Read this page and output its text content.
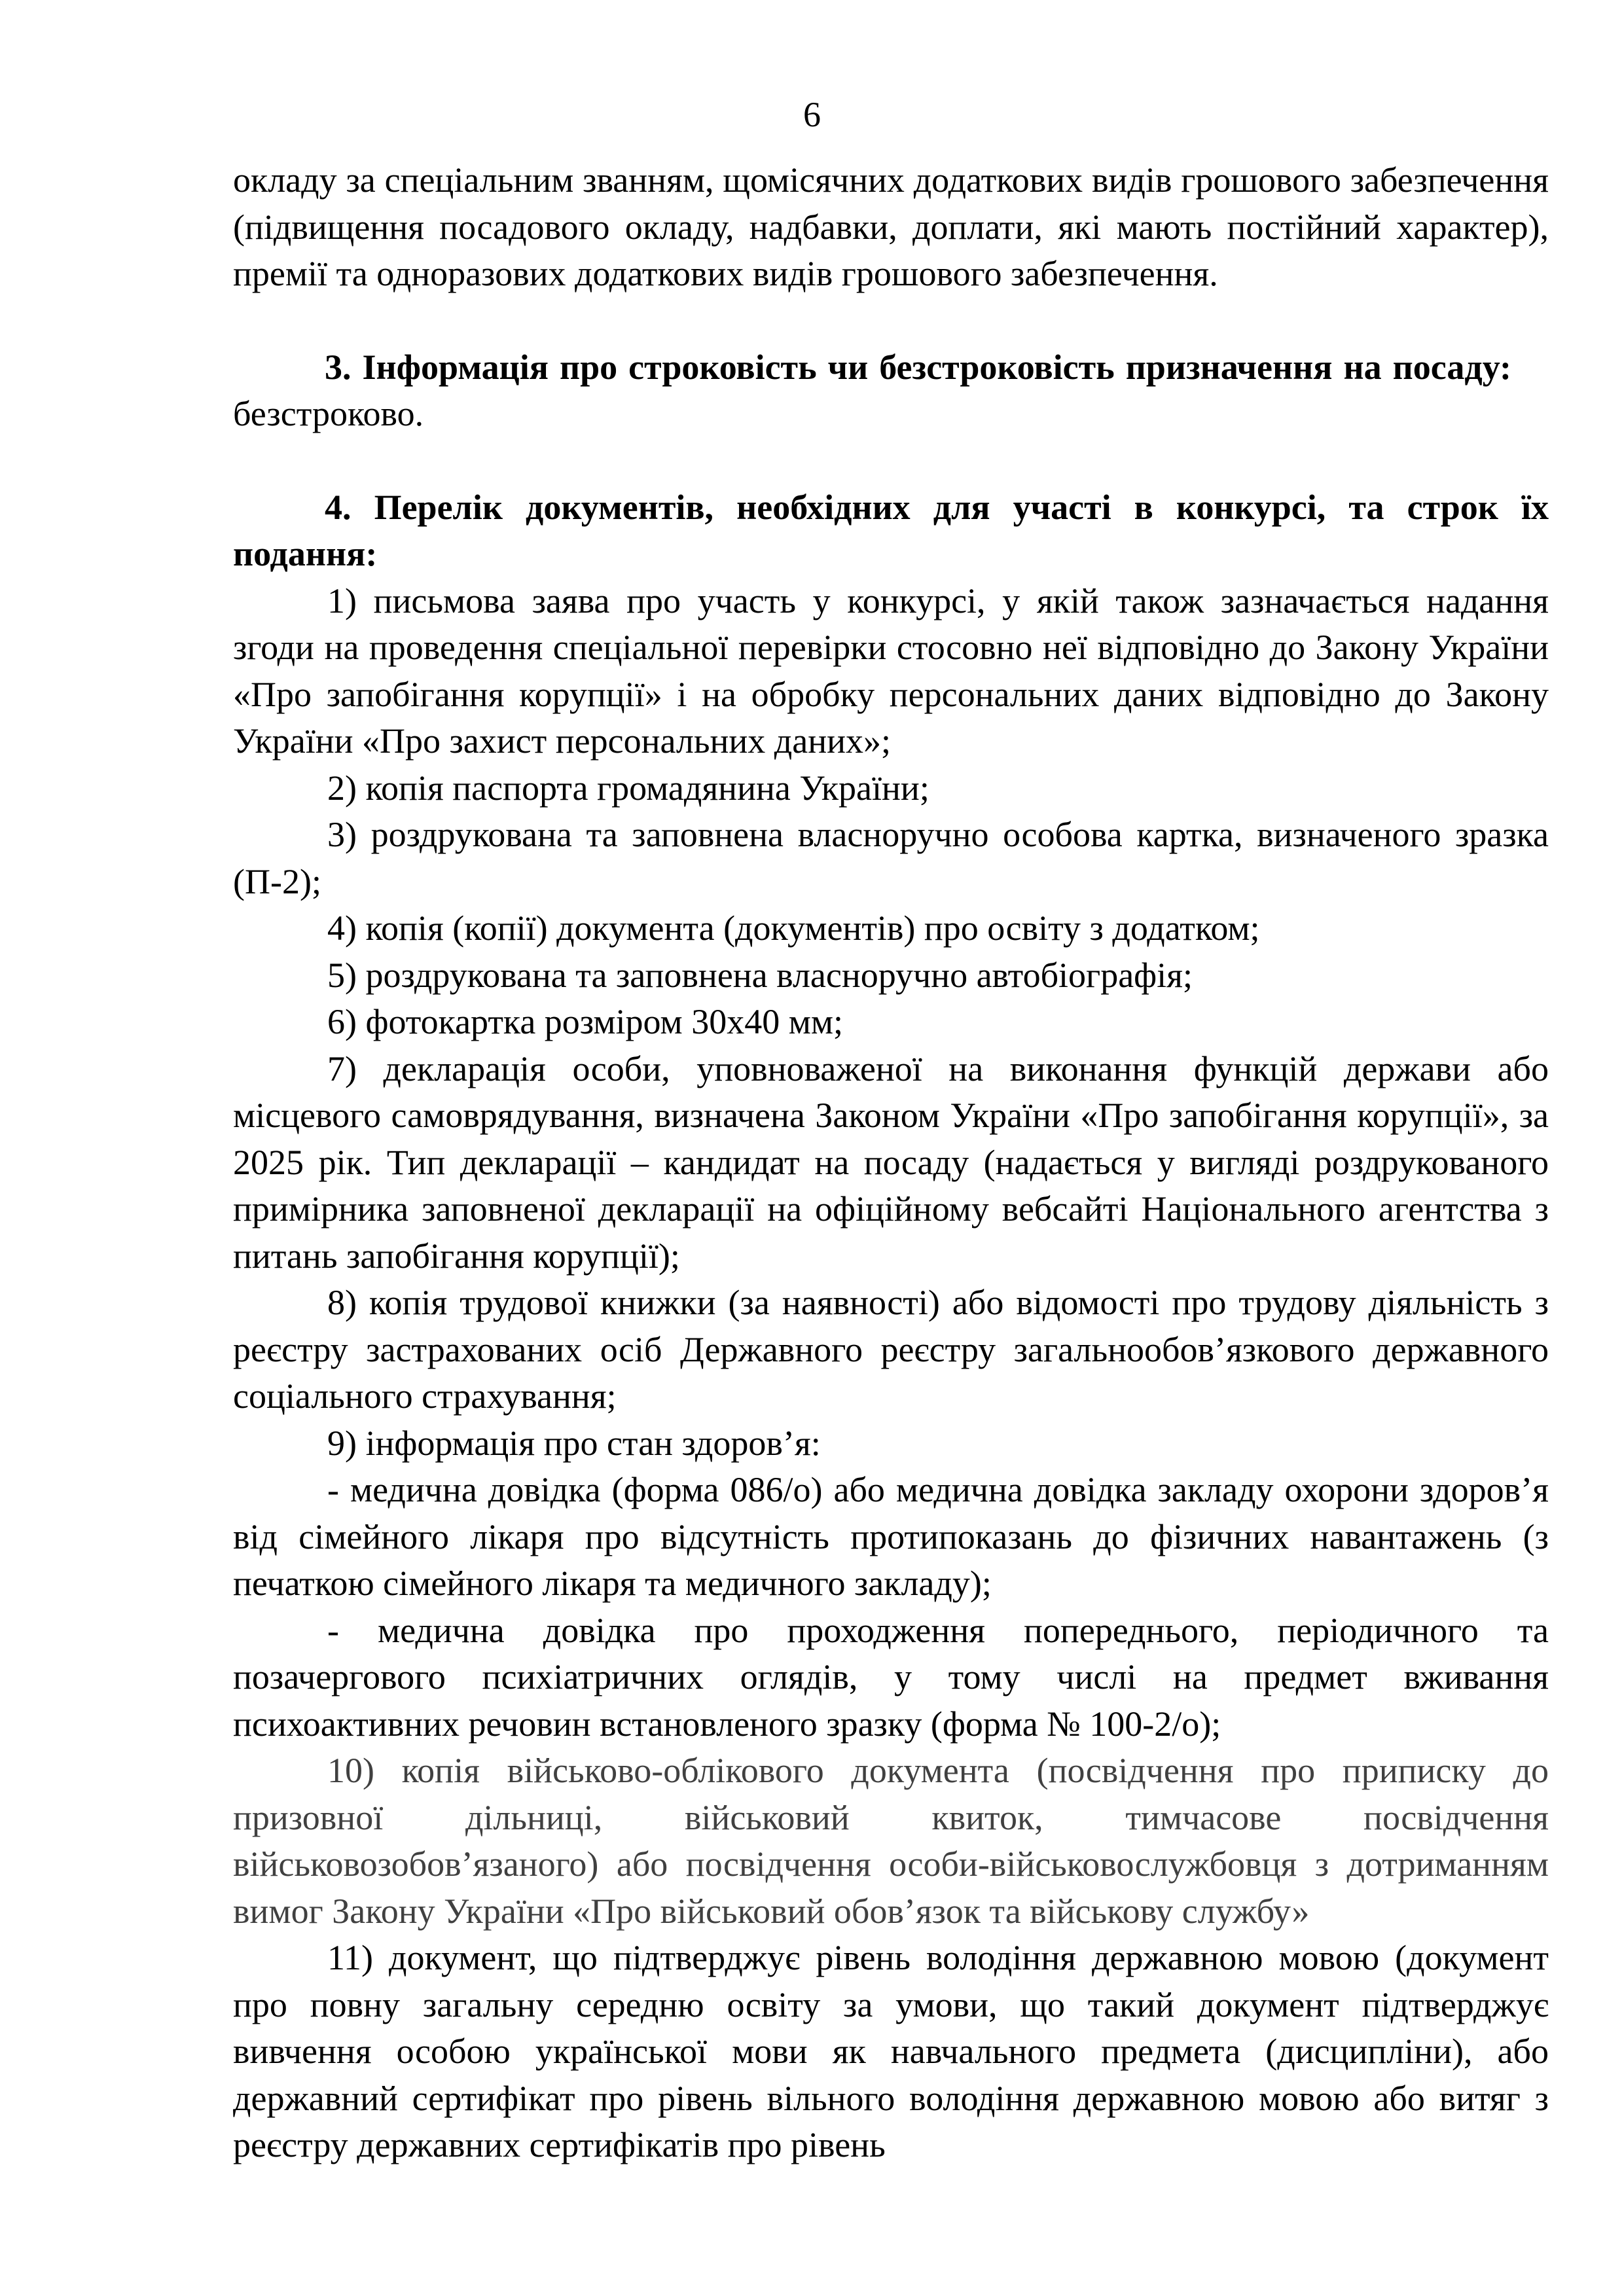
6

окладу за спеціальним званням, щомісячних додаткових видів грошового забезпечення (підвищення посадового окладу, надбавки, доплати, які мають постійний характер), премії та одноразових додаткових видів грошового забезпечення.

3. Інформація про строковість чи безстроковість призначення на посаду:  безстроково.

4. Перелік документів, необхідних для участі в конкурсі, та строк їх подання:

1) письмова заява про участь у конкурсі, у якій також зазначається надання згоди на проведення спеціальної перевірки стосовно неї відповідно до Закону України «Про запобігання корупції» і на обробку персональних даних відповідно до Закону України «Про захист персональних даних»;

2) копія паспорта громадянина України;

3) роздрукована та заповнена власноручно особова картка, визначеного зразка (П-2);

4) копія (копії) документа (документів) про освіту з додатком;

5) роздрукована та заповнена власноручно автобіографія;

6) фотокартка розміром 30х40 мм;

7) декларація особи, уповноваженої на виконання функцій держави або місцевого самоврядування, визначена Законом України «Про запобігання корупції», за 2025 рік. Тип декларації – кандидат на посаду (надається у вигляді роздрукованого примірника заповненої декларації на офіційному вебсайті Національного агентства з питань запобігання корупції);

8) копія трудової книжки (за наявності) або відомості про трудову діяльність з реєстру застрахованих осіб Державного реєстру загальнообов’язкового державного соціального страхування;

9) інформація про стан здоров’я:

- медична довідка (форма 086/о) або медична довідка закладу охорони здоров’я від сімейного лікаря про відсутність протипоказань до фізичних навантажень (з печаткою сімейного лікаря та медичного закладу);

- медична довідка про проходження попереднього, періодичного та позачергового психіатричних оглядів, у тому числі на предмет вживання психоактивних речовин встановленого зразку (форма № 100-2/о);

10) копія військово-облікового документа (посвідчення про приписку до призовної дільниці, військовий квиток, тимчасове посвідчення військовозобов’язаного) або посвідчення особи-військовослужбовця з дотриманням вимог Закону України «Про військовий обов’язок та військову службу»

11) документ, що підтверджує рівень володіння державною мовою (документ про повну загальну середню освіту за умови, що такий документ підтверджує вивчення особою української мови як навчального предмета (дисципліни), або державний сертифікат про рівень вільного володіння державною мовою або витяг з реєстру державних сертифікатів про рівень
